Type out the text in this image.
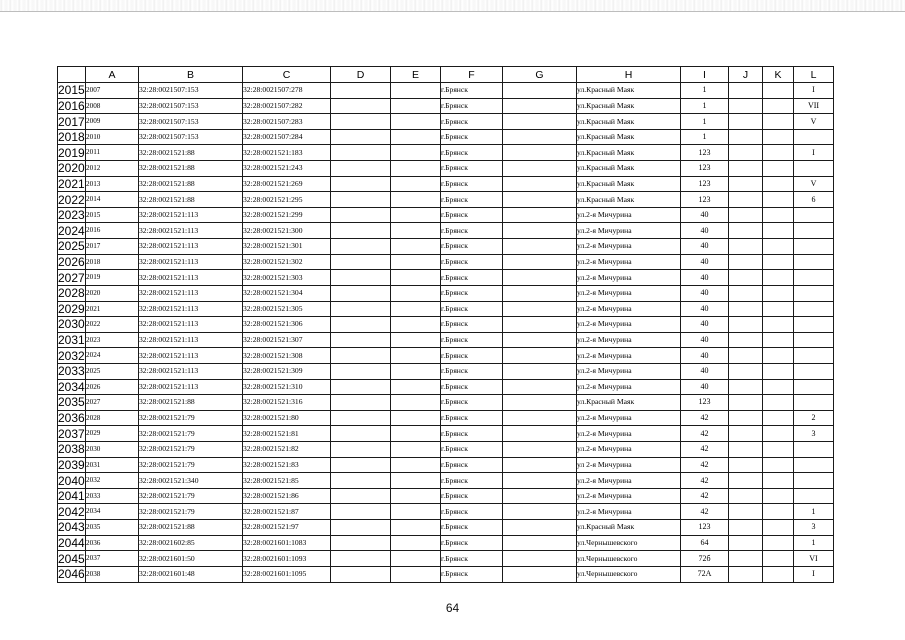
	A	B	C	D	E	F	G	H	I	J	K	L
2015	2007	32:28:0021507:153	32:28:0021507:278			г.Брянск		ул.Красный Маяк	1			I
2016	2008	32:28:0021507:153	32:28:0021507:282			г.Брянск		ул.Красный Маяк	1			VII
2017	2009	32:28:0021507:153	32:28:0021507:283			г.Брянск		ул.Красный Маяк	1			V
2018	2010	32:28:0021507:153	32:28:0021507:284			г.Брянск		ул.Красный Маяк	1			
2019	2011	32:28:0021521:88	32:28:0021521:183			г.Брянск		ул.Красный Маяк	123			I
2020	2012	32:28:0021521:88	32:28:0021521:243			г.Брянск		ул.Красный Маяк	123			
2021	2013	32:28:0021521:88	32:28:0021521:269			г.Брянск		ул.Красный Маяк	123			V
2022	2014	32:28:0021521:88	32:28:0021521:295			г.Брянск		ул.Красный Маяк	123			6
2023	2015	32:28:0021521:113	32:28:0021521:299			г.Брянск		ул.2-я Мичурина	40			
2024	2016	32:28:0021521:113	32:28:0021521:300			г.Брянск		ул.2-я Мичурина	40			
2025	2017	32:28:0021521:113	32:28:0021521:301			г.Брянск		ул.2-я Мичурина	40			
2026	2018	32:28:0021521:113	32:28:0021521:302			г.Брянск		ул.2-я Мичурина	40			
2027	2019	32:28:0021521:113	32:28:0021521:303			г.Брянск		ул.2-я Мичурина	40			
2028	2020	32:28:0021521:113	32:28:0021521:304			г.Брянск		ул.2-я Мичурина	40			
2029	2021	32:28:0021521:113	32:28:0021521:305			г.Брянск		ул.2-я Мичурина	40			
2030	2022	32:28:0021521:113	32:28:0021521:306			г.Брянск		ул.2-я Мичурина	40			
2031	2023	32:28:0021521:113	32:28:0021521:307			г.Брянск		ул.2-я Мичурина	40			
2032	2024	32:28:0021521:113	32:28:0021521:308			г.Брянск		ул.2-я Мичурина	40			
2033	2025	32:28:0021521:113	32:28:0021521:309			г.Брянск		ул.2-я Мичурина	40			
2034	2026	32:28:0021521:113	32:28:0021521:310			г.Брянск		ул.2-я Мичурина	40			
2035	2027	32:28:0021521:88	32:28:0021521:316			г.Брянск		ул.Красный Маяк	123			
2036	2028	32:28:0021521:79	32:28:0021521:80			г.Брянск		ул.2-я Мичурина	42			2
2037	2029	32:28:0021521:79	32:28:0021521:81			г.Брянск		ул.2-я Мичурина	42			3
2038	2030	32:28:0021521:79	32:28:0021521:82			г.Брянск		ул.2-я Мичурина	42			
2039	2031	32:28:0021521:79	32:28:0021521:83			г.Брянск		ул 2-я Мичурина	42			
2040	2032	32:28:0021521:340	32:28:0021521:85			г.Брянск		ул.2-я Мичурина	42			
2041	2033	32:28:0021521:79	32:28:0021521:86			г.Брянск		ул.2-я Мичурина	42			
2042	2034	32:28:0021521:79	32:28:0021521:87			г.Брянск		ул.2-я Мичурина	42			1
2043	2035	32:28:0021521:88	32:28:0021521:97			г.Брянск		ул.Красный Маяк	123			3
2044	2036	32:28:0021602:85	32:28:0021601:1083			г.Брянск		ул.Чернышевского	64			1
2045	2037	32:28:0021601:50	32:28:0021601:1093			г.Брянск		ул.Чернышевского	72б			VI
2046	2038	32:28:0021601:48	32:28:0021601:1095			г.Брянск		ул.Чернышевского	72А			I
64
